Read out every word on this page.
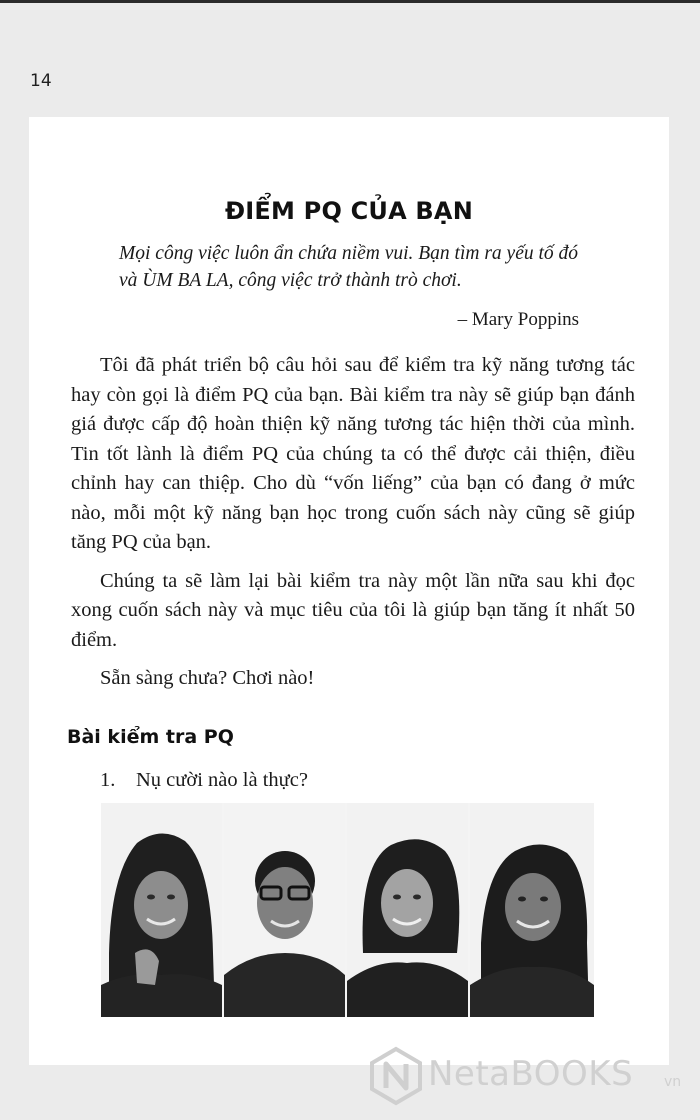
14
ĐIỂM PQ CỦA BẠN

Mọi công việc luôn ẩn chứa niềm vui. Bạn tìm ra yếu tố đó và ÙM BA LA, công việc trở thành trò chơi.

– Mary Poppins

Tôi đã phát triển bộ câu hỏi sau để kiểm tra kỹ năng tương tác hay còn gọi là điểm PQ của bạn. Bài kiểm tra này sẽ giúp bạn đánh giá được cấp độ hoàn thiện kỹ năng tương tác hiện thời của mình. Tin tốt lành là điểm PQ của chúng ta có thể được cải thiện, điều chỉnh hay can thiệp. Cho dù “vốn liếng” của bạn có đang ở mức nào, mỗi một kỹ năng bạn học trong cuốn sách này cũng sẽ giúp tăng PQ của bạn.

Chúng ta sẽ làm lại bài kiểm tra này một lần nữa sau khi đọc xong cuốn sách này và mục tiêu của tôi là giúp bạn tăng ít nhất 50 điểm.

Sẵn sàng chưa? Chơi nào!

Bài kiểm tra PQ
1. Nụ cười nào là thực?
NetaBOOKS vn
